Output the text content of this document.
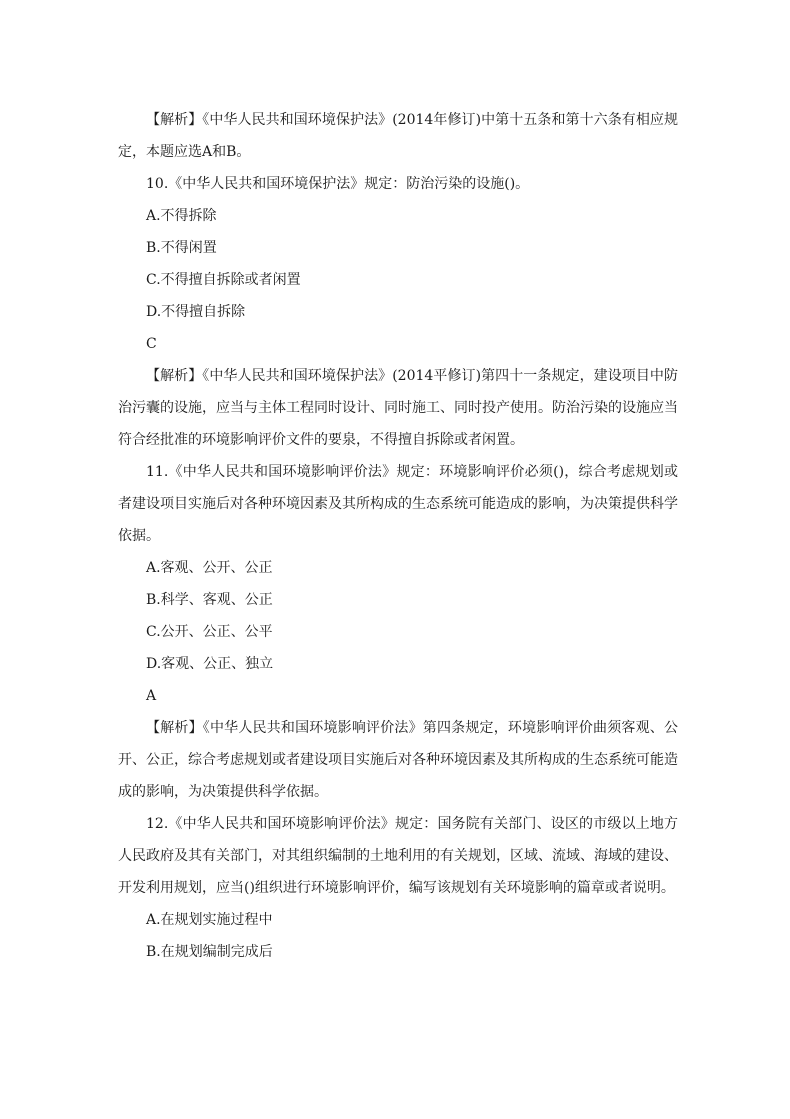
【解析】《中华人民共和国环境保护法》(2014年修订)中第十五条和第十六条有相应规定，本题应选A和B。

10.《中华人民共和国环境保护法》规定：防治污染的设施()。

A.不得拆除

B.不得闲置

C.不得擅自拆除或者闲置

D.不得擅自拆除

C

【解析】《中华人民共和国环境保护法》(2014平修订)第四十一条规定，建设项目中防治污囊的设施，应当与主体工程同时设计、同时施工、同时投产使用。防治污染的设施应当符合经批准的环境影响评价文件的要泉，不得擅自拆除或者闲置。

11.《中华人民共和国环境影响评价法》规定：环境影响评价必须()，综合考虑规划或者建设项目实施后对各种环境因素及其所构成的生态系统可能造成的影响，为决策提供科学依据。

A.客观、公开、公正

B.科学、客观、公正

C.公开、公正、公平

D.客观、公正、独立

A

【解析】《中华人民共和国环境影响评价法》第四条规定，环境影响评价曲须客观、公开、公正，综合考虑规划或者建设项目实施后对各种环境因素及其所构成的生态系统可能造成的影响，为决策提供科学依据。

12.《中华人民共和国环境影响评价法》规定：国务院有关部门、设区的市级以上地方人民政府及其有关部门，对其组织编制的土地利用的有关规划，区域、流域、海域的建设、开发利用规划，应当()组织进行环境影响评价，编写该规划有关环境影响的篇章或者说明。

A.在规划实施过程中

B.在规划编制完成后
